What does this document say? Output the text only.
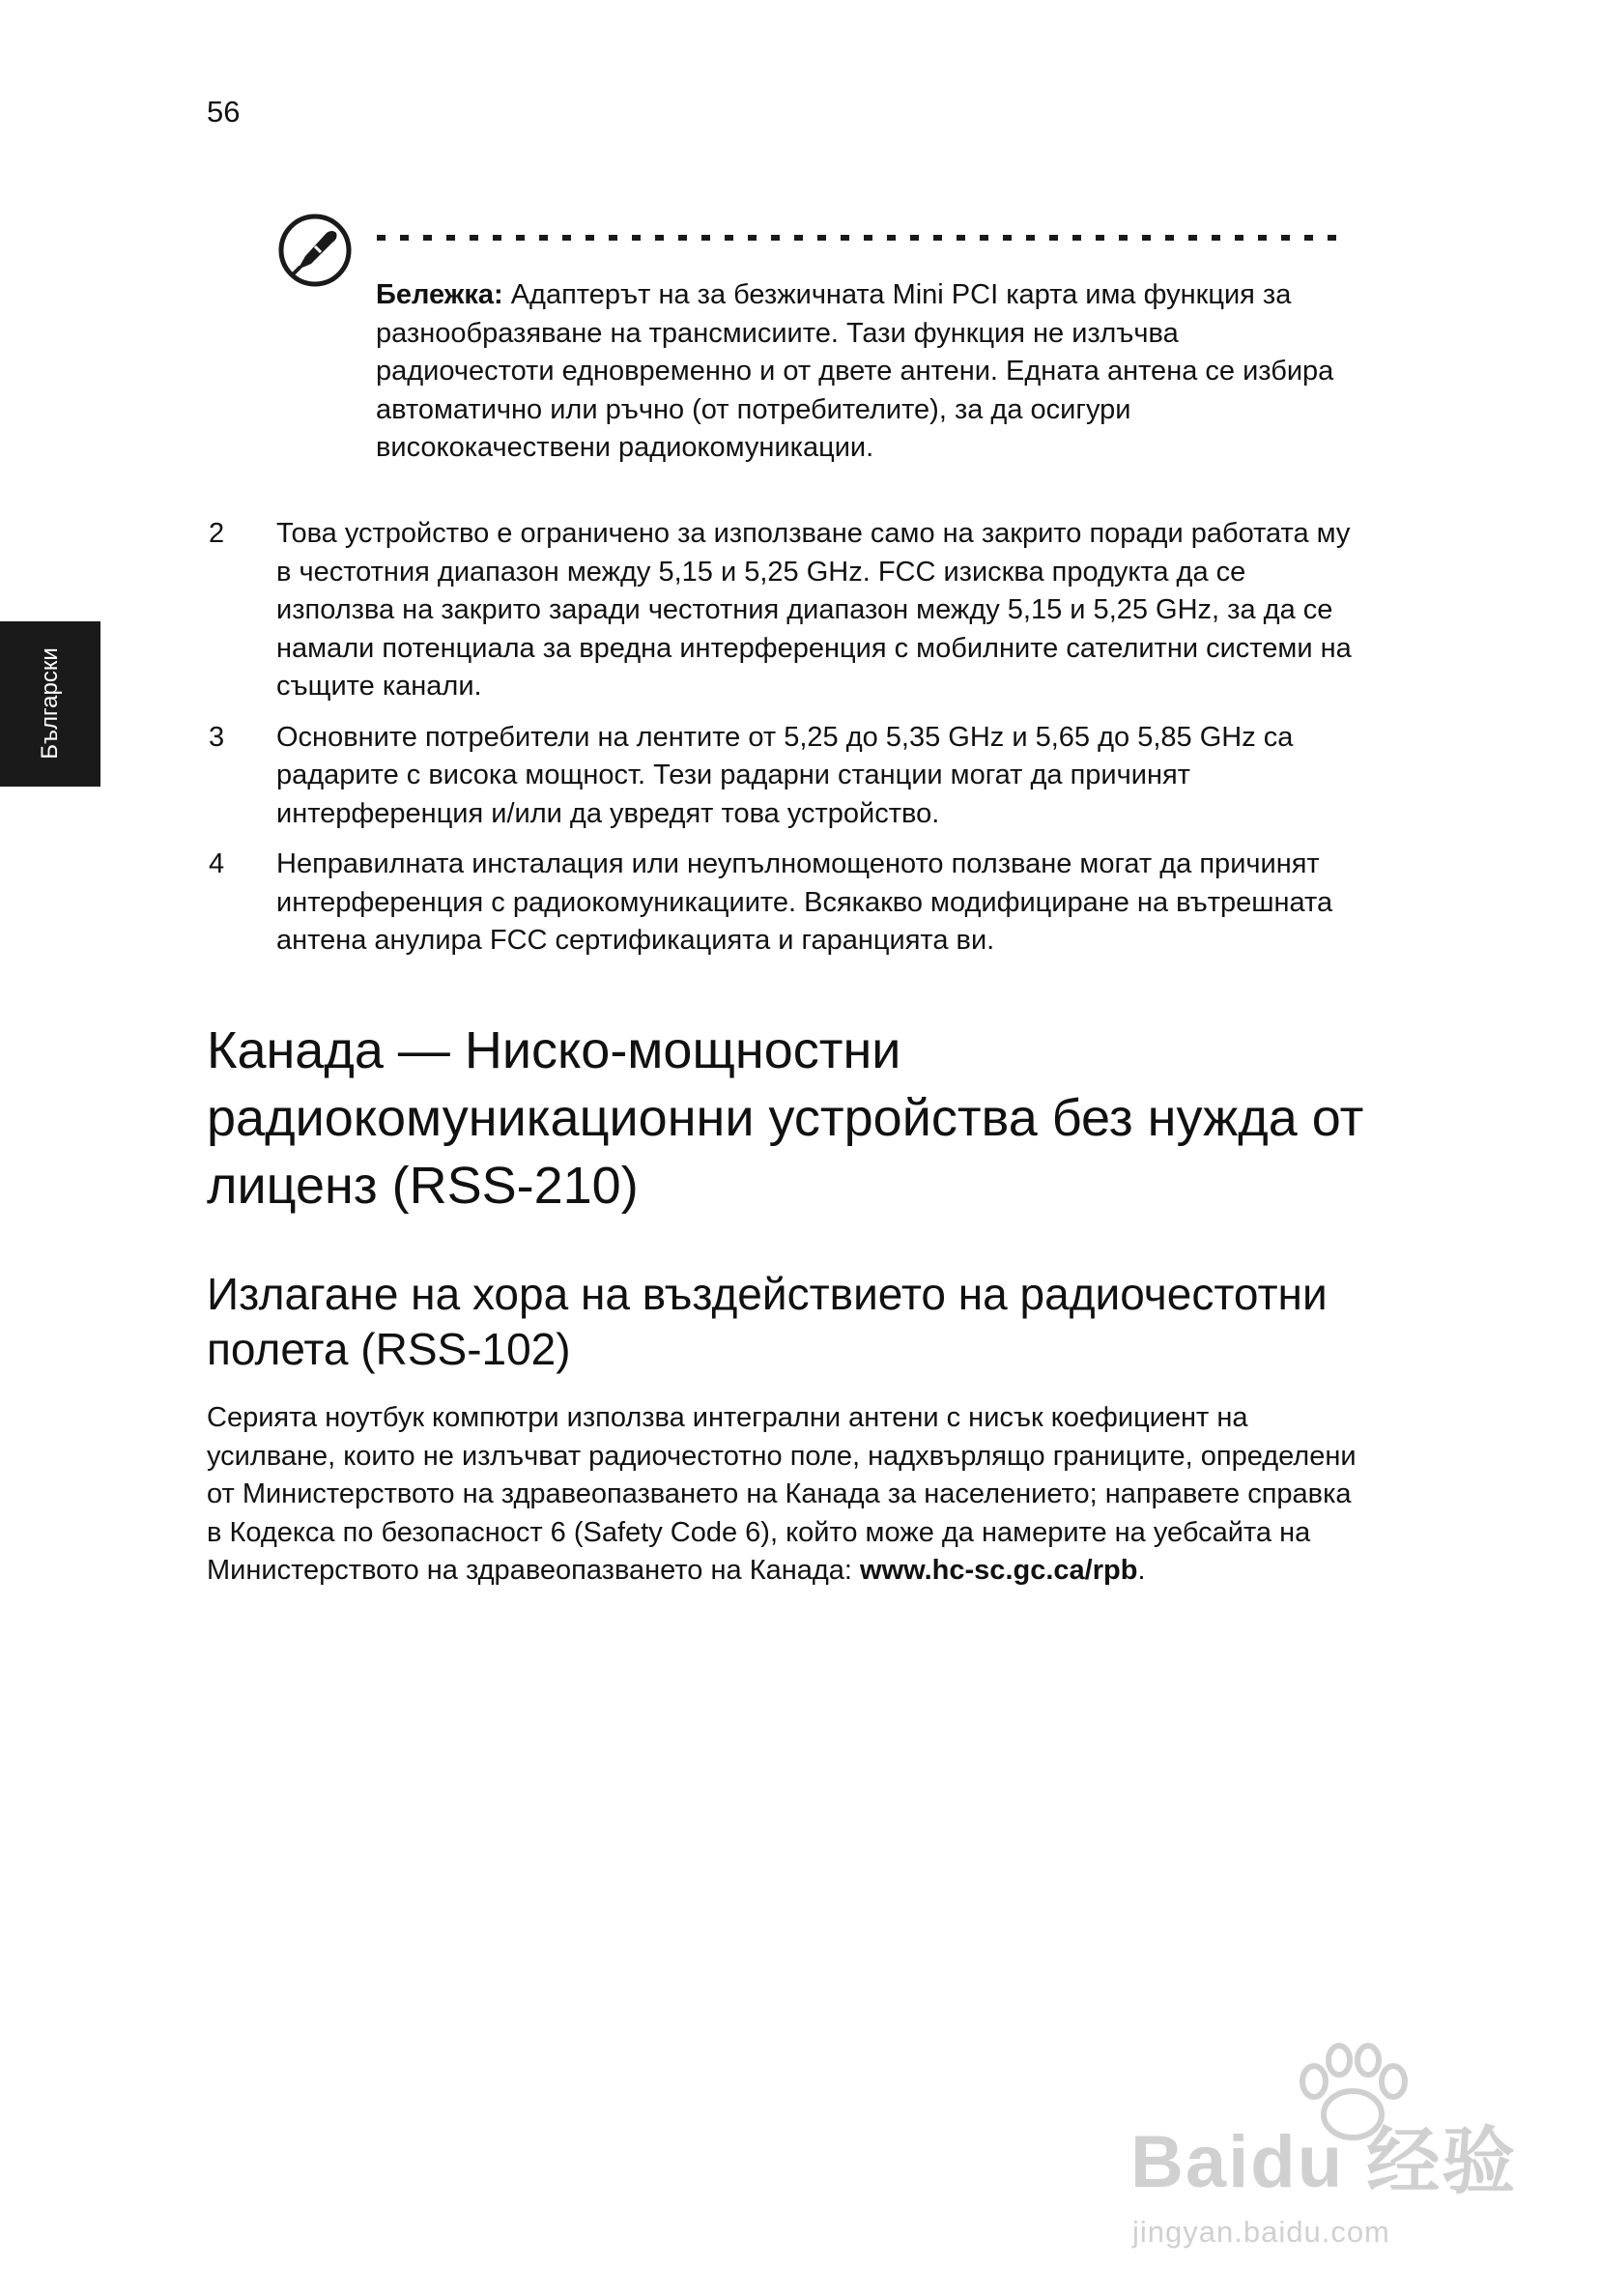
56
Български

Бележка: Адаптерът на за безжичната Mini PCI карта има функция за разнообразяване на трансмисиите. Тази функция не излъчва радиочестоти едновременно и от двете антени. Едната антена се избира автоматично или ръчно (от потребителите), за да осигури висококачествени радиокомуникации.

2 Това устройство е ограничено за използване само на закрито поради работата му в честотния диапазон между 5,15 и 5,25 GHz. FCC изисква продукта да се използва на закрито заради честотния диапазон между 5,15 и 5,25 GHz, за да се намали потенциала за вредна интерференция с мобилните сателитни системи на същите канали.
3 Основните потребители на лентите от 5,25 до 5,35 GHz и 5,65 до 5,85 GHz са радарите с висока мощност. Тези радарни станции могат да причинят интерференция и/или да увредят това устройство.
4 Неправилната инсталация или неупълномощеното ползване могат да причинят интерференция с радиокомуникациите. Всякакво модифициране на вътрешната антена анулира FCC сертификацията и гаранцията ви.
Канада — Ниско-мощностни радиокомуникационни устройства без нужда от лиценз (RSS-210)
Излагане на хора на въздействието на радиочестотни полета (RSS-102)

Серията ноутбук компютри използва интегрални антени с нисък коефициент на усилване, които не излъчват радиочестотно поле, надхвърлящо границите, определени от Министерството на здравеопазването на Канада за населението; направете справка в Кодекса по безопасност 6 (Safety Code 6), който може да намерите на уебсайта на Министерството на здравеопазването на Канада: www.hc-sc.gc.ca/rpb.

Baidu 经验
jingyan.baidu.com
